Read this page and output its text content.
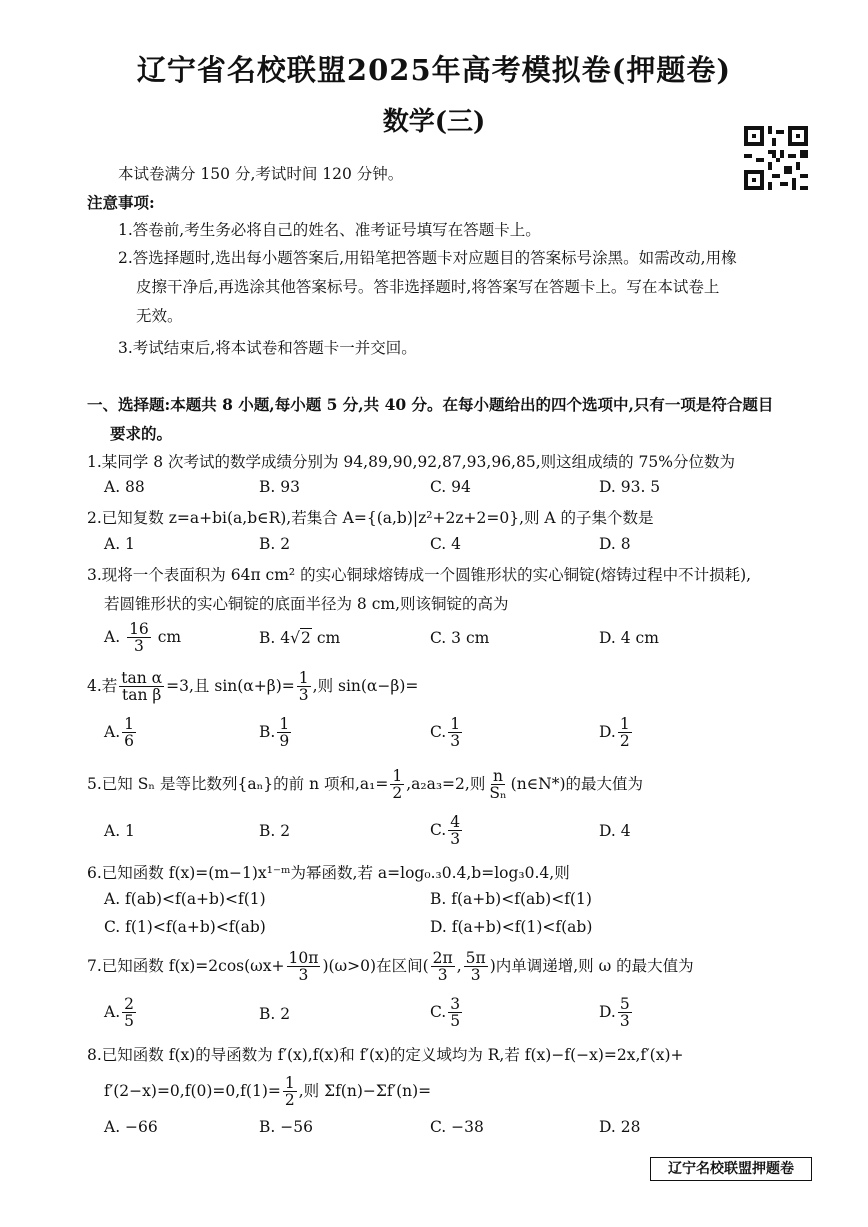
辽宁省名校联盟2025年高考模拟卷(押题卷)
数学(三)
本试卷满分 150 分,考试时间 120 分钟。
注意事项:
1.答卷前,考生务必将自己的姓名、准考证号填写在答题卡上。
2.答选择题时,选出每小题答案后,用铅笔把答题卡对应题目的答案标号涂黑。如需改动,用橡
皮擦干净后,再选涂其他答案标号。答非选择题时,将答案写在答题卡上。写在本试卷上
无效。
3.考试结束后,将本试卷和答题卡一并交回。
一、选择题:本题共 8 小题,每小题 5 分,共 40 分。在每小题给出的四个选项中,只有一项是符合题目
要求的。
1.某同学 8 次考试的数学成绩分别为 94,89,90,92,87,93,96,85,则这组成绩的 75%分位数为
A. 88	B. 93	C. 94	D. 93. 5
2.已知复数 z=a+bi(a,b∈R),若集合 A={(a,b)|z²+2z+2=0},则 A 的子集个数是
A. 1	B. 2	C. 4	D. 8
3.现将一个表面积为 64π cm² 的实心铜球熔铸成一个圆锥形状的实心铜锭(熔铸过程中不计损耗),
若圆锥形状的实心铜锭的底面半径为 8 cm,则该铜锭的高为
A. $\frac{16}{3}$ cm	B. 4√2 cm	C. 3 cm	D. 4 cm
4.若 $\frac{\text{tan α}}{\text{tan β}} =3$,且 $\sin(\alpha+\beta)= \frac{1}{3}$ ,则 sin(α−β)=
A. $\frac{1}{6}$	B. $\frac{1}{9}$	C. $\frac{1}{3}$	D. $\frac{1}{2}$
5.已知 Sₙ 是等比数列{aₙ}的前 n 项和$,a_1= \frac{1}{2} ,a_2a_3=2$,则 $\frac{n}{\text{Sₙ}}$ (n∈N*)的最大值为
A. 1	B. 2	C. $\frac{4}{3}$	D. 4
6.已知函数 f(x)=(m−1)x¹⁻ᵐ为幂函数,若 a=log₀.₃0.4,b=log₃0.4,则
A. f(ab)<f(a+b)<f(1)	B. f(a+b)<f(ab)<f(1)
C. f(1)<f(a+b)<f(ab)	D. f(a+b)<f(1)<f(ab)
7.已知函数 $f(x)=2\cos(\omega x+ \frac{10\pi}{3} )(\omega>0)$在区间( $\frac{2\pi}{3}$ , $\frac{5\pi}{3}$ )内单调递增,则 ω 的最大值为
A. $\frac{2}{5}$	B. 2	C. $\frac{3}{5}$	D. $\frac{5}{3}$
8.已知函数 f(x)的导函数为 f′(x),f(x)和 f′(x)的定义域均为 R,若 f(x)−f(−x)=2x,f′(x)+
$f'(2-x)=0,f(0)=0,f(1)= \frac{1}{2}$ ,则 Σf(n)−Σf′(n)=
A. −66	B. −56	C. −38	D. 28
辽宁名校联盟押题卷
